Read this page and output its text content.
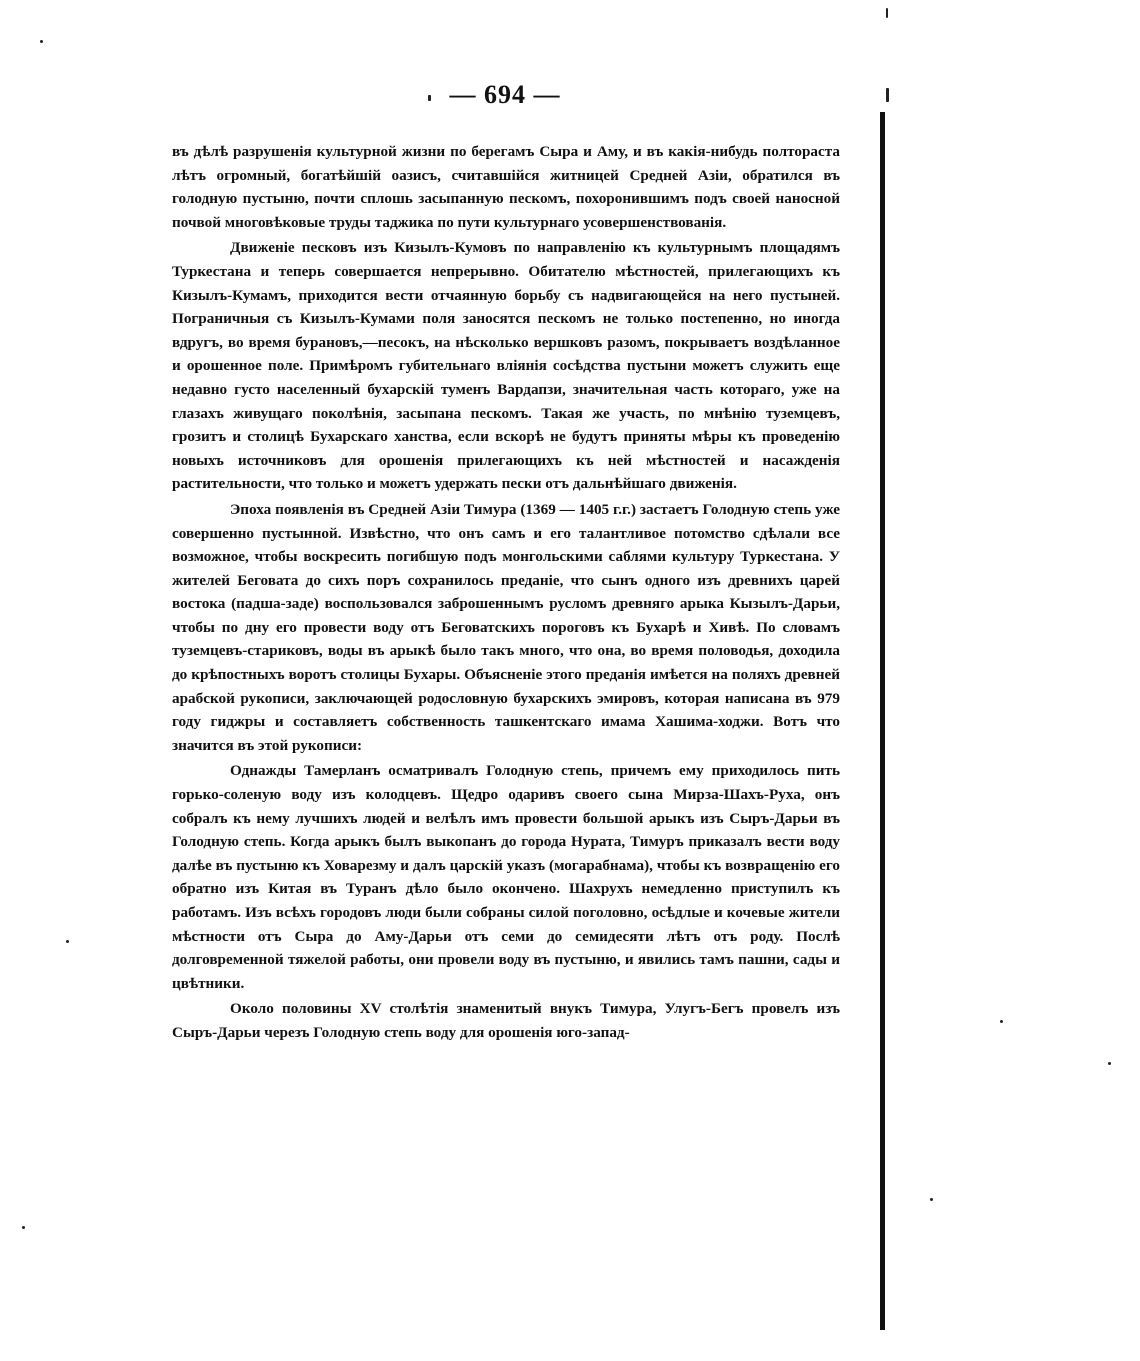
— 694 —

въ дѣлѣ разрушенія культурной жизни по берегамъ Сыра и Аму, и въ какія-нибудь полтораста лѣтъ огромный, богатѣйшій оазисъ, считавшійся житницей Средней Азіи, обратился въ голодную пустыню, почти сплошь засыпанную пескомъ, похоронившимъ подъ своей наносной почвой многовѣковые труды таджика по пути культурнаго усовершенствованія.

Движеніе песковъ изъ Кизылъ-Кумовъ по направленію къ культурнымъ площадямъ Туркестана и теперь совершается непрерывно. Обитателю мѣстностей, прилегающихъ къ Кизылъ-Кумамъ, приходится вести отчаянную борьбу съ надвигающейся на него пустыней. Пограничныя съ Кизылъ-Кумами поля заносятся пескомъ не только постепенно, но иногда вдругъ, во время бурановъ,—песокъ, на нѣсколько вершковъ разомъ, покрываетъ воздѣланное и орошенное поле. Примѣромъ губительнаго вліянія сосѣдства пустыни можетъ служить еще недавно густо населенный бухарскій туменъ Вардапзи, значительная часть котораго, уже на глазахъ живущаго поколѣнія, засыпана пескомъ. Такая же участь, по мнѣнію туземцевъ, грозитъ и столицѣ Бухарскаго ханства, если вскорѣ не будутъ приняты мѣры къ проведенію новыхъ источниковъ для орошенія прилегающихъ къ ней мѣстностей и насажденія растительности, что только и можетъ удержать пески отъ дальнѣйшаго движенія.

Эпоха появленія въ Средней Азіи Тимура (1369 — 1405 г.г.) застаетъ Голодную степь уже совершенно пустынной. Извѣстно, что онъ самъ и его талантливое потомство сдѣлали все возможное, чтобы воскресить погибшую подъ монгольскими саблями культуру Туркестана. У жителей Беговата до сихъ поръ сохранилось преданіе, что сынъ одного изъ древнихъ царей востока (падша-заде) воспользовался заброшеннымъ русломъ древняго арыка Кызылъ-Дарьи, чтобы по дну его провести воду отъ Беговатскихъ пороговъ къ Бухарѣ и Хивѣ. По словамъ туземцевъ-стариковъ, воды въ арыкѣ было такъ много, что она, во время половодья, доходила до крѣпостныхъ воротъ столицы Бухары. Объясненіе этого преданія имѣется на поляхъ древней арабской рукописи, заключающей родословную бухарскихъ эмировъ, которая написана въ 979 году гиджры и составляетъ собственность ташкентскаго имама Хашима-ходжи. Вотъ что значится въ этой рукописи:

Однажды Тамерланъ осматривалъ Голодную степь, причемъ ему приходилось пить горько-соленую воду изъ колодцевъ. Щедро одаривъ своего сына Мирза-Шахъ-Руха, онъ собралъ къ нему лучшихъ людей и велѣлъ имъ провести большой арыкъ изъ Сыръ-Дарьи въ Голодную степь. Когда арыкъ былъ выкопанъ до города Нурата, Тимуръ приказалъ вести воду далѣе въ пустыню къ Ховарезму и далъ царскій указъ (могарабнама), чтобы къ возвращенію его обратно изъ Китая въ Туранъ дѣло было окончено. Шахрухъ немедленно приступилъ къ работамъ. Изъ всѣхъ городовъ люди были собраны силой поголовно, осѣдлые и кочевые жители мѣстности отъ Сыра до Аму-Дарьи отъ семи до семидесяти лѣтъ отъ роду. Послѣ долговременной тяжелой работы, они провели воду въ пустыню, и явились тамъ пашни, сады и цвѣтники.

Около половины XV столѣтія знаменитый внукъ Тимура, Улугъ-Бегъ провелъ изъ Сыръ-Дарьи черезъ Голодную степь воду для орошенія юго-запад-
